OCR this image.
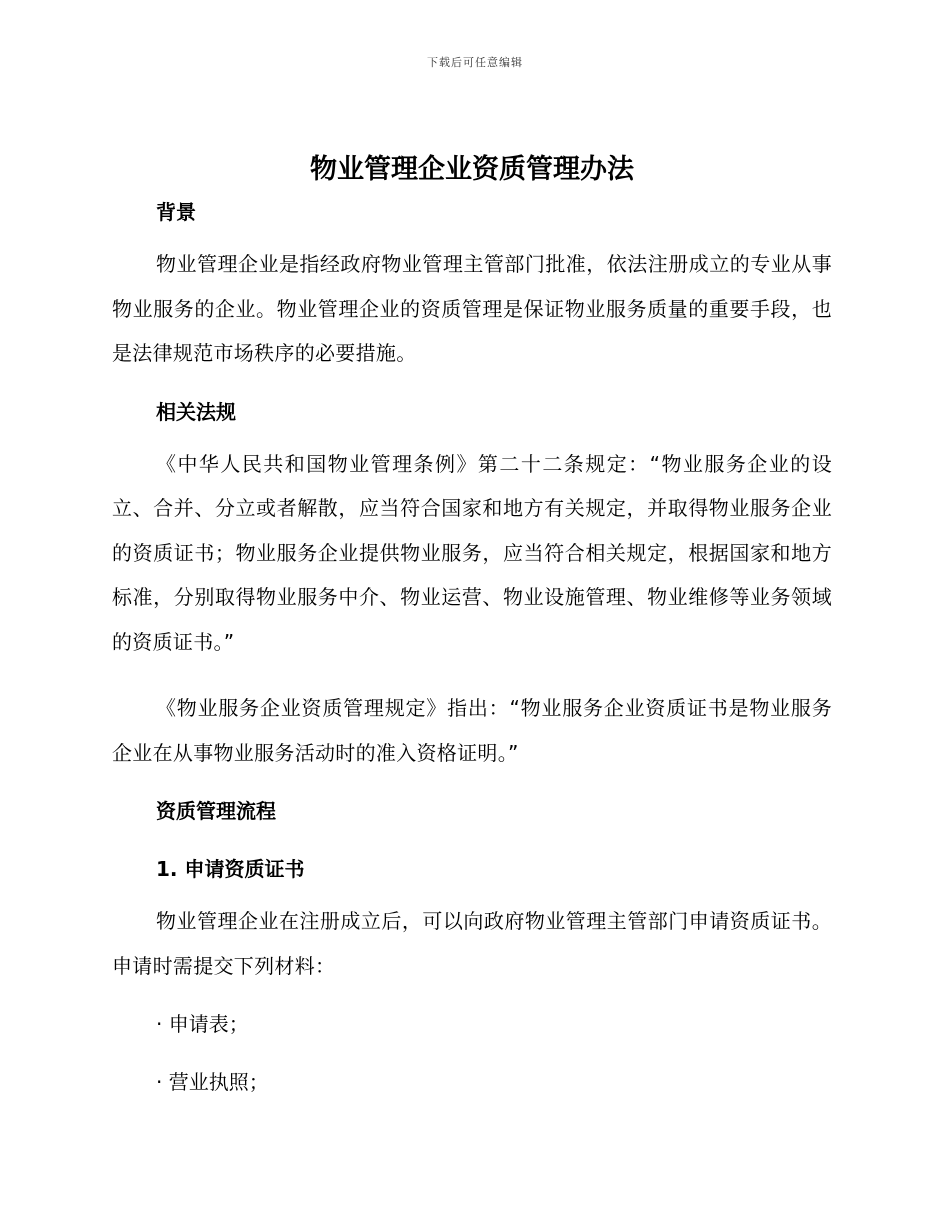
下载后可任意编辑
物业管理企业资质管理办法

背景

物业管理企业是指经政府物业管理主管部门批准，依法注册成立的专业从事物业服务的企业。物业管理企业的资质管理是保证物业服务质量的重要手段，也是法律规范市场秩序的必要措施。

相关法规

《中华人民共和国物业管理条例》第二十二条规定：“物业服务企业的设立、合并、分立或者解散，应当符合国家和地方有关规定，并取得物业服务企业的资质证书；物业服务企业提供物业服务，应当符合相关规定，根据国家和地方标准，分别取得物业服务中介、物业运营、物业设施管理、物业维修等业务领域的资质证书。”

《物业服务企业资质管理规定》指出：“物业服务企业资质证书是物业服务企业在从事物业服务活动时的准入资格证明。”

资质管理流程

1. 申请资质证书

物业管理企业在注册成立后，可以向政府物业管理主管部门申请资质证书。申请时需提交下列材料：

· 申请表；

· 营业执照；
